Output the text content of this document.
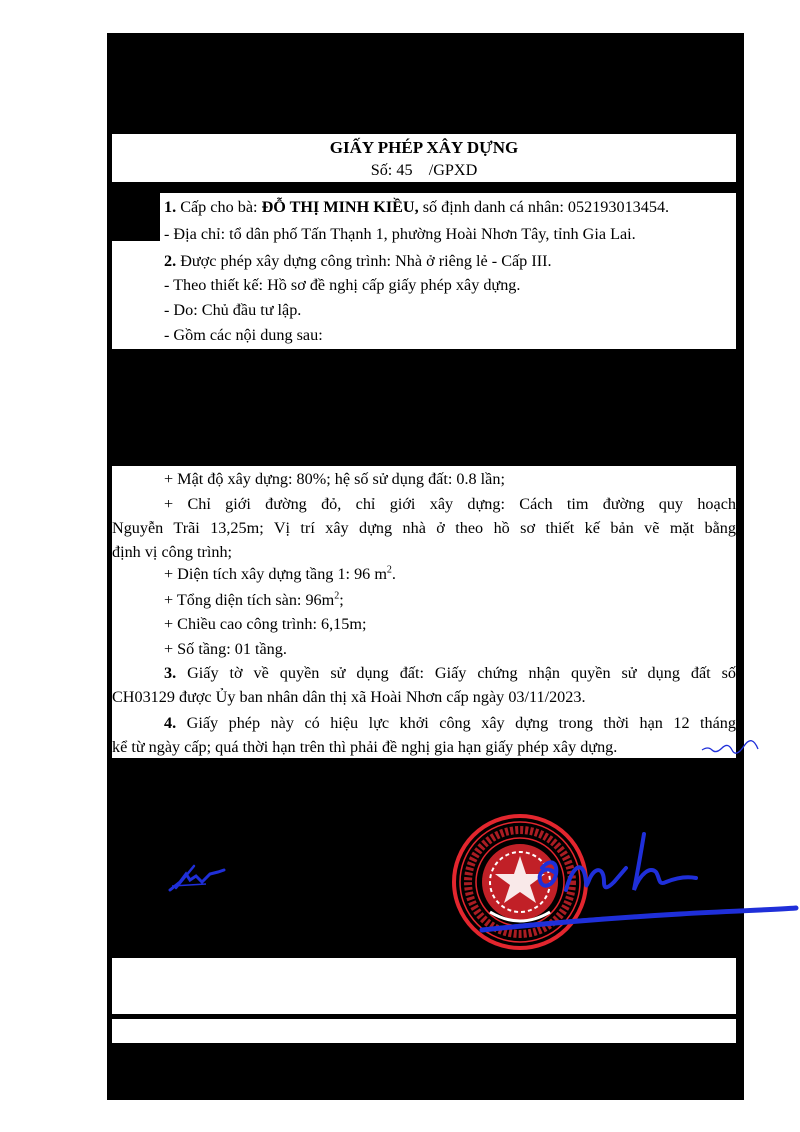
GIẤY PHÉP XÂY DỰNG
Số: 45    /GPXD
1. Cấp cho bà: ĐỖ THỊ MINH KIỀU, số định danh cá nhân: 052193013454.
- Địa chỉ: tổ dân phố Tấn Thạnh 1, phường Hoài Nhơn Tây, tỉnh Gia Lai.
2. Được phép xây dựng công trình: Nhà ở riêng lẻ - Cấp III.
- Theo thiết kế: Hồ sơ đề nghị cấp giấy phép xây dựng.
- Do: Chủ đầu tư lập.
- Gồm các nội dung sau:
+ Mật độ xây dựng: 80%; hệ số sử dụng đất: 0.8 lần;
+ Chỉ giới đường đỏ, chỉ giới xây dựng: Cách tim đường quy hoạch
Nguyễn Trãi 13,25m; Vị trí xây dựng nhà ở theo hồ sơ thiết kế bản vẽ mặt bằng
định vị công trình;
+ Diện tích xây dựng tầng 1: 96 $m^2$.
+ Tổng diện tích sàn: $96m^2$;
+ Chiều cao công trình: 6,15m;
+ Số tầng: 01 tầng.
3. Giấy tờ về quyền sử dụng đất: Giấy chứng nhận quyền sử dụng đất số
CH03129 được Ủy ban nhân dân thị xã Hoài Nhơn cấp ngày 03/11/2023.
4. Giấy phép này có hiệu lực khởi công xây dựng trong thời hạn 12 tháng
kể từ ngày cấp; quá thời hạn trên thì phải đề nghị gia hạn giấy phép xây dựng.
